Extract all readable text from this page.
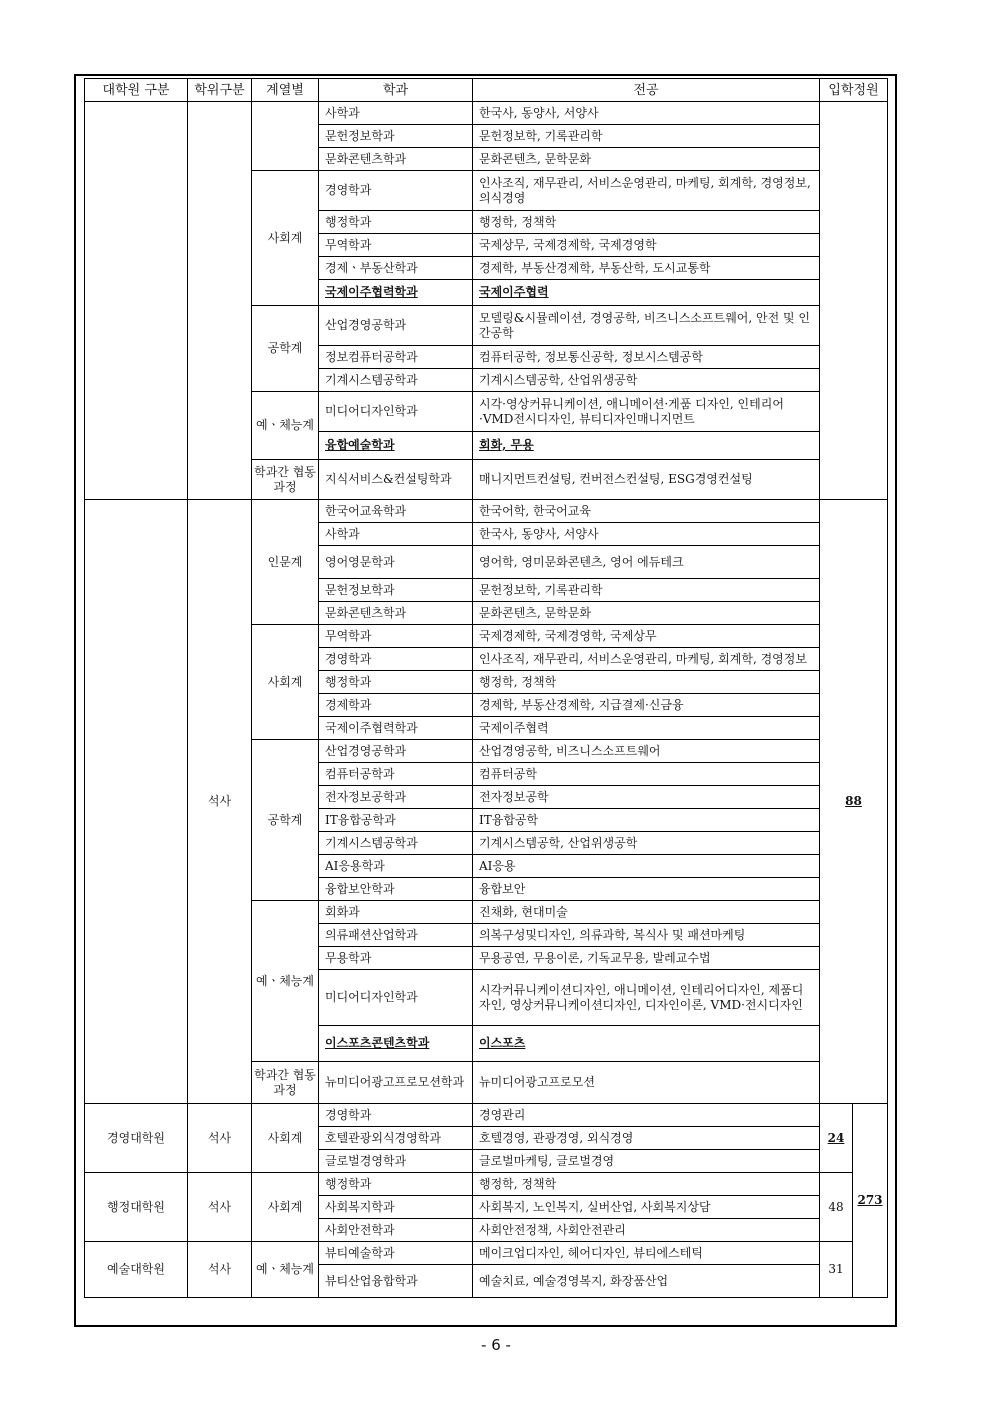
대학원 구분	학위구분	계열별	학과	전공	입학정원	
			사학과	한국사, 동양사, 서양사		
			문헌정보학과	문헌정보학, 기록관리학		
			문화콘텐츠학과	문화콘텐츠, 문학문화		
		사회계	경영학과	인사조직, 재무관리, 서비스운영관리, 마케팅, 회계학, 경영정보, 의식경영		
			행정학과	행정학, 정책학		
			무역학과	국제상무, 국제경제학, 국제경영학		
			경제ㆍ부동산학과	경제학, 부동산경제학, 부동산학, 도시교통학		
			국제이주협력학과	국제이주협력		
		공학계	산업경영공학과	모델링&시뮬레이션, 경영공학, 비즈니스소프트웨어, 안전 및 인간공학		
			정보컴퓨터공학과	컴퓨터공학, 정보통신공학, 정보시스템공학		
			기계시스템공학과	기계시스템공학, 산업위생공학		
		예ㆍ체능계	미디어디자인학과	시각·영상커뮤니케이션, 애니메이션·게품 디자인, 인테리어·VMD전시디자인, 뷰티디자인매니지먼트		
			융합예술학과	회화, 무용		
		학과간 협동과정	지식서비스&컨설팅학과	매니지먼트컨설팅, 컨버전스컨설팅, ESG경영컨설팅		
	석사	인문계	한국어교육학과	한국어학, 한국어교육	88	
			사학과	한국사, 동양사, 서양사		
			영어영문학과	영어학, 영미문화콘텐츠, 영어 에듀테크		
			문헌정보학과	문헌정보학, 기록관리학		
			문화콘텐츠학과	문화콘텐츠, 문학문화		
		사회계	무역학과	국제경제학, 국제경영학, 국제상무		
			경영학과	인사조직, 재무관리, 서비스운영관리, 마케팅, 회계학, 경영정보		
			행정학과	행정학, 정책학		
			경제학과	경제학, 부동산경제학, 지급결제·신금융		
			국제이주협력학과	국제이주협력		
		공학계	산업경영공학과	산업경영공학, 비즈니스소프트웨어		
			컴퓨터공학과	컴퓨터공학		
			전자정보공학과	전자정보공학		
			IT융합공학과	IT융합공학		
			기계시스템공학과	기계시스템공학, 산업위생공학		
			AI응용학과	AI응용		
			융합보안학과	융합보안		
		예ㆍ체능계	회화과	진채화, 현대미술		
			의류패션산업학과	의복구성및디자인, 의류과학, 복식사 및 패션마케팅		
			무용학과	무용공연, 무용이론, 기독교무용, 발레교수법		
			미디어디자인학과	시각커뮤니케이션디자인, 애니메이션, 인테리어디자인, 제품디자인, 영상커뮤니케이션디자인, 디자인이론, VMD·전시디자인		
			이스포츠콘텐츠학과	이스포츠		
		학과간 협동과정	뉴미디어광고프로모션학과	뉴미디어광고프로모션		
경영대학원	석사	사회계	경영학과	경영관리	24	273
			호텔관광외식경영학과	호텔경영, 관광경영, 외식경영		
			글로벌경영학과	글로벌마케팅, 글로벌경영		
행정대학원	석사	사회계	행정학과	행정학, 정책학	48	
			사회복지학과	사회복지, 노인복지, 실버산업, 사회복지상담		
			사회안전학과	사회안전정책, 사회안전관리		
예술대학원	석사	예ㆍ체능계	뷰티예술학과	메이크업디자인, 헤어디자인, 뷰티에스테틱	31	
			뷰티산업융합학과	예술치료, 예술경영복지, 화장품산업		
- 6 -
